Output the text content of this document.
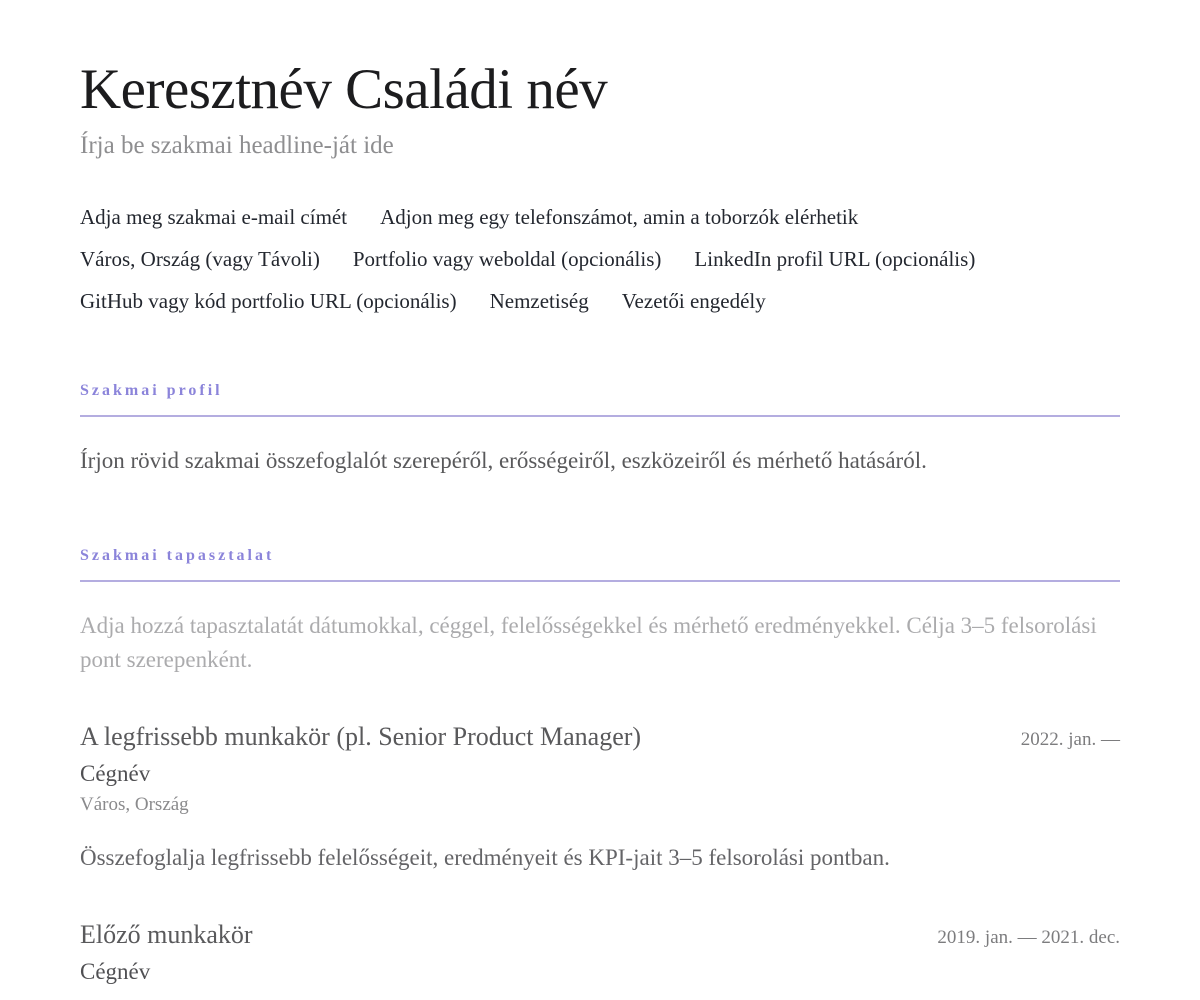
Keresztnév Családi név
Írja be szakmai headline-ját ide
Adja meg szakmai e-mail címét Adjon meg egy telefonszámot, amin a toborzók elérhetik
Város, Ország (vagy Távoli) Portfolio vagy weboldal (opcionális) LinkedIn profil URL (opcionális)
GitHub vagy kód portfolio URL (opcionális) Nemzetiség Vezetői engedély
Szakmai profil
Írjon rövid szakmai összefoglalót szerepéről, erősségeiről, eszközeiről és mérhető hatásáról.
Szakmai tapasztalat
Adja hozzá tapasztalatát dátumokkal, céggel, felelősségekkel és mérhető eredményekkel. Célja 3–5 felsorolási pont szerepenként.
A legfrissebb munkakör (pl. Senior Product Manager)	2022. jan. —
Cégnév
Város, Ország
Összefoglalja legfrissebb felelősségeit, eredményeit és KPI-jait 3–5 felsorolási pontban.
Előző munkakör	2019. jan. — 2021. dec.
Cégnév
